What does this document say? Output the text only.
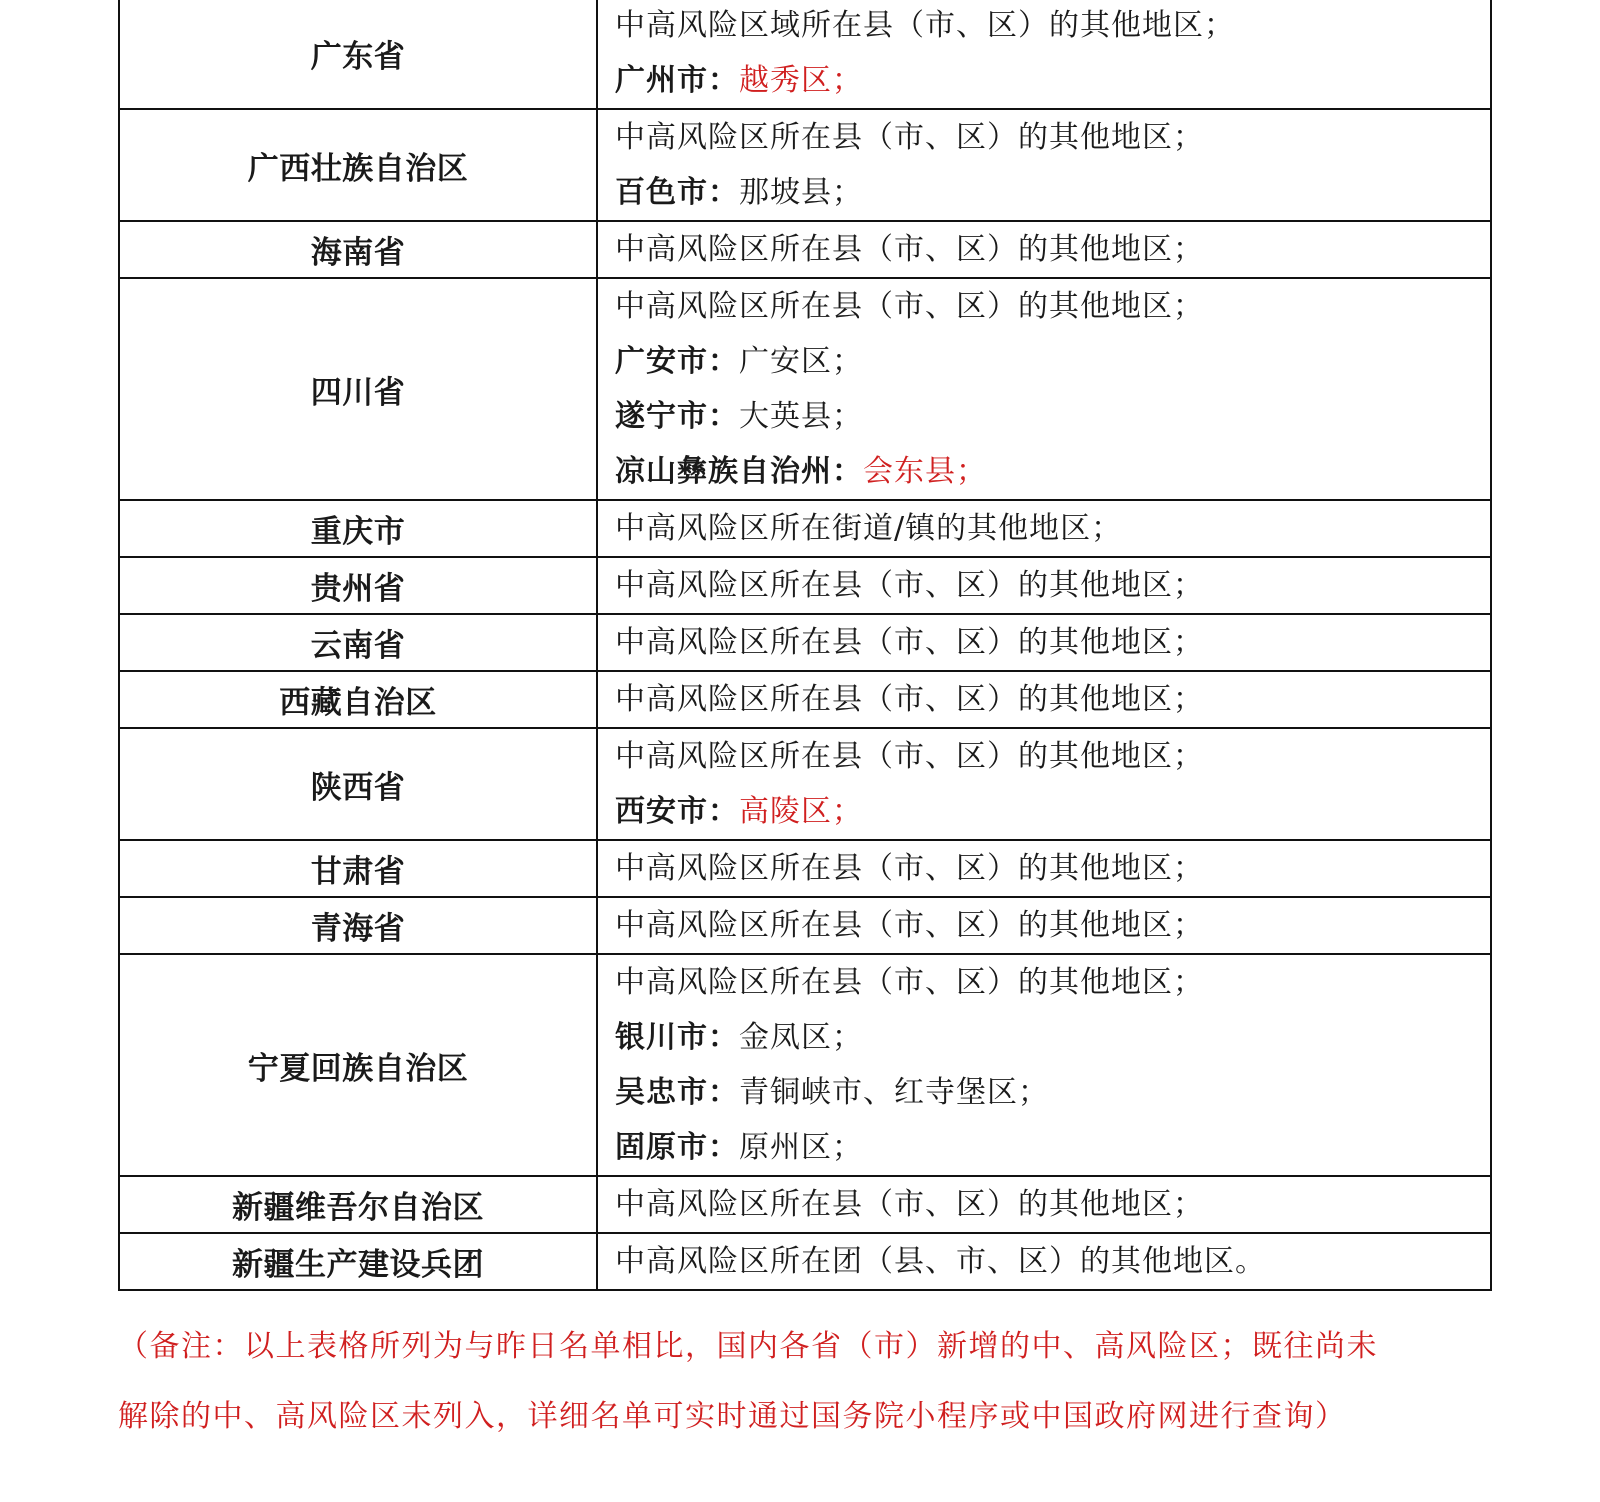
广东省	中高风险区域所在县（市、区）的其他地区；
广州市：越秀区；

广西壮族自治区	中高风险区所在县（市、区）的其他地区；
百色市：那坡县；

海南省	中高风险区所在县（市、区）的其他地区；

四川省	中高风险区所在县（市、区）的其他地区；
广安市：广安区；
遂宁市：大英县；
凉山彝族自治州：会东县；

重庆市	中高风险区所在街道/镇的其他地区；

贵州省	中高风险区所在县（市、区）的其他地区；

云南省	中高风险区所在县（市、区）的其他地区；

西藏自治区	中高风险区所在县（市、区）的其他地区；

陕西省	中高风险区所在县（市、区）的其他地区；
西安市：高陵区；

甘肃省	中高风险区所在县（市、区）的其他地区；

青海省	中高风险区所在县（市、区）的其他地区；

宁夏回族自治区	中高风险区所在县（市、区）的其他地区；
银川市：金凤区；
吴忠市：青铜峡市、红寺堡区；
固原市：原州区；

新疆维吾尔自治区	中高风险区所在县（市、区）的其他地区；

新疆生产建设兵团	中高风险区所在团（县、市、区）的其他地区。
（备注：以上表格所列为与昨日名单相比，国内各省（市）新增的中、高风险区；既往尚未
解除的中、高风险区未列入，详细名单可实时通过国务院小程序或中国政府网进行查询）
